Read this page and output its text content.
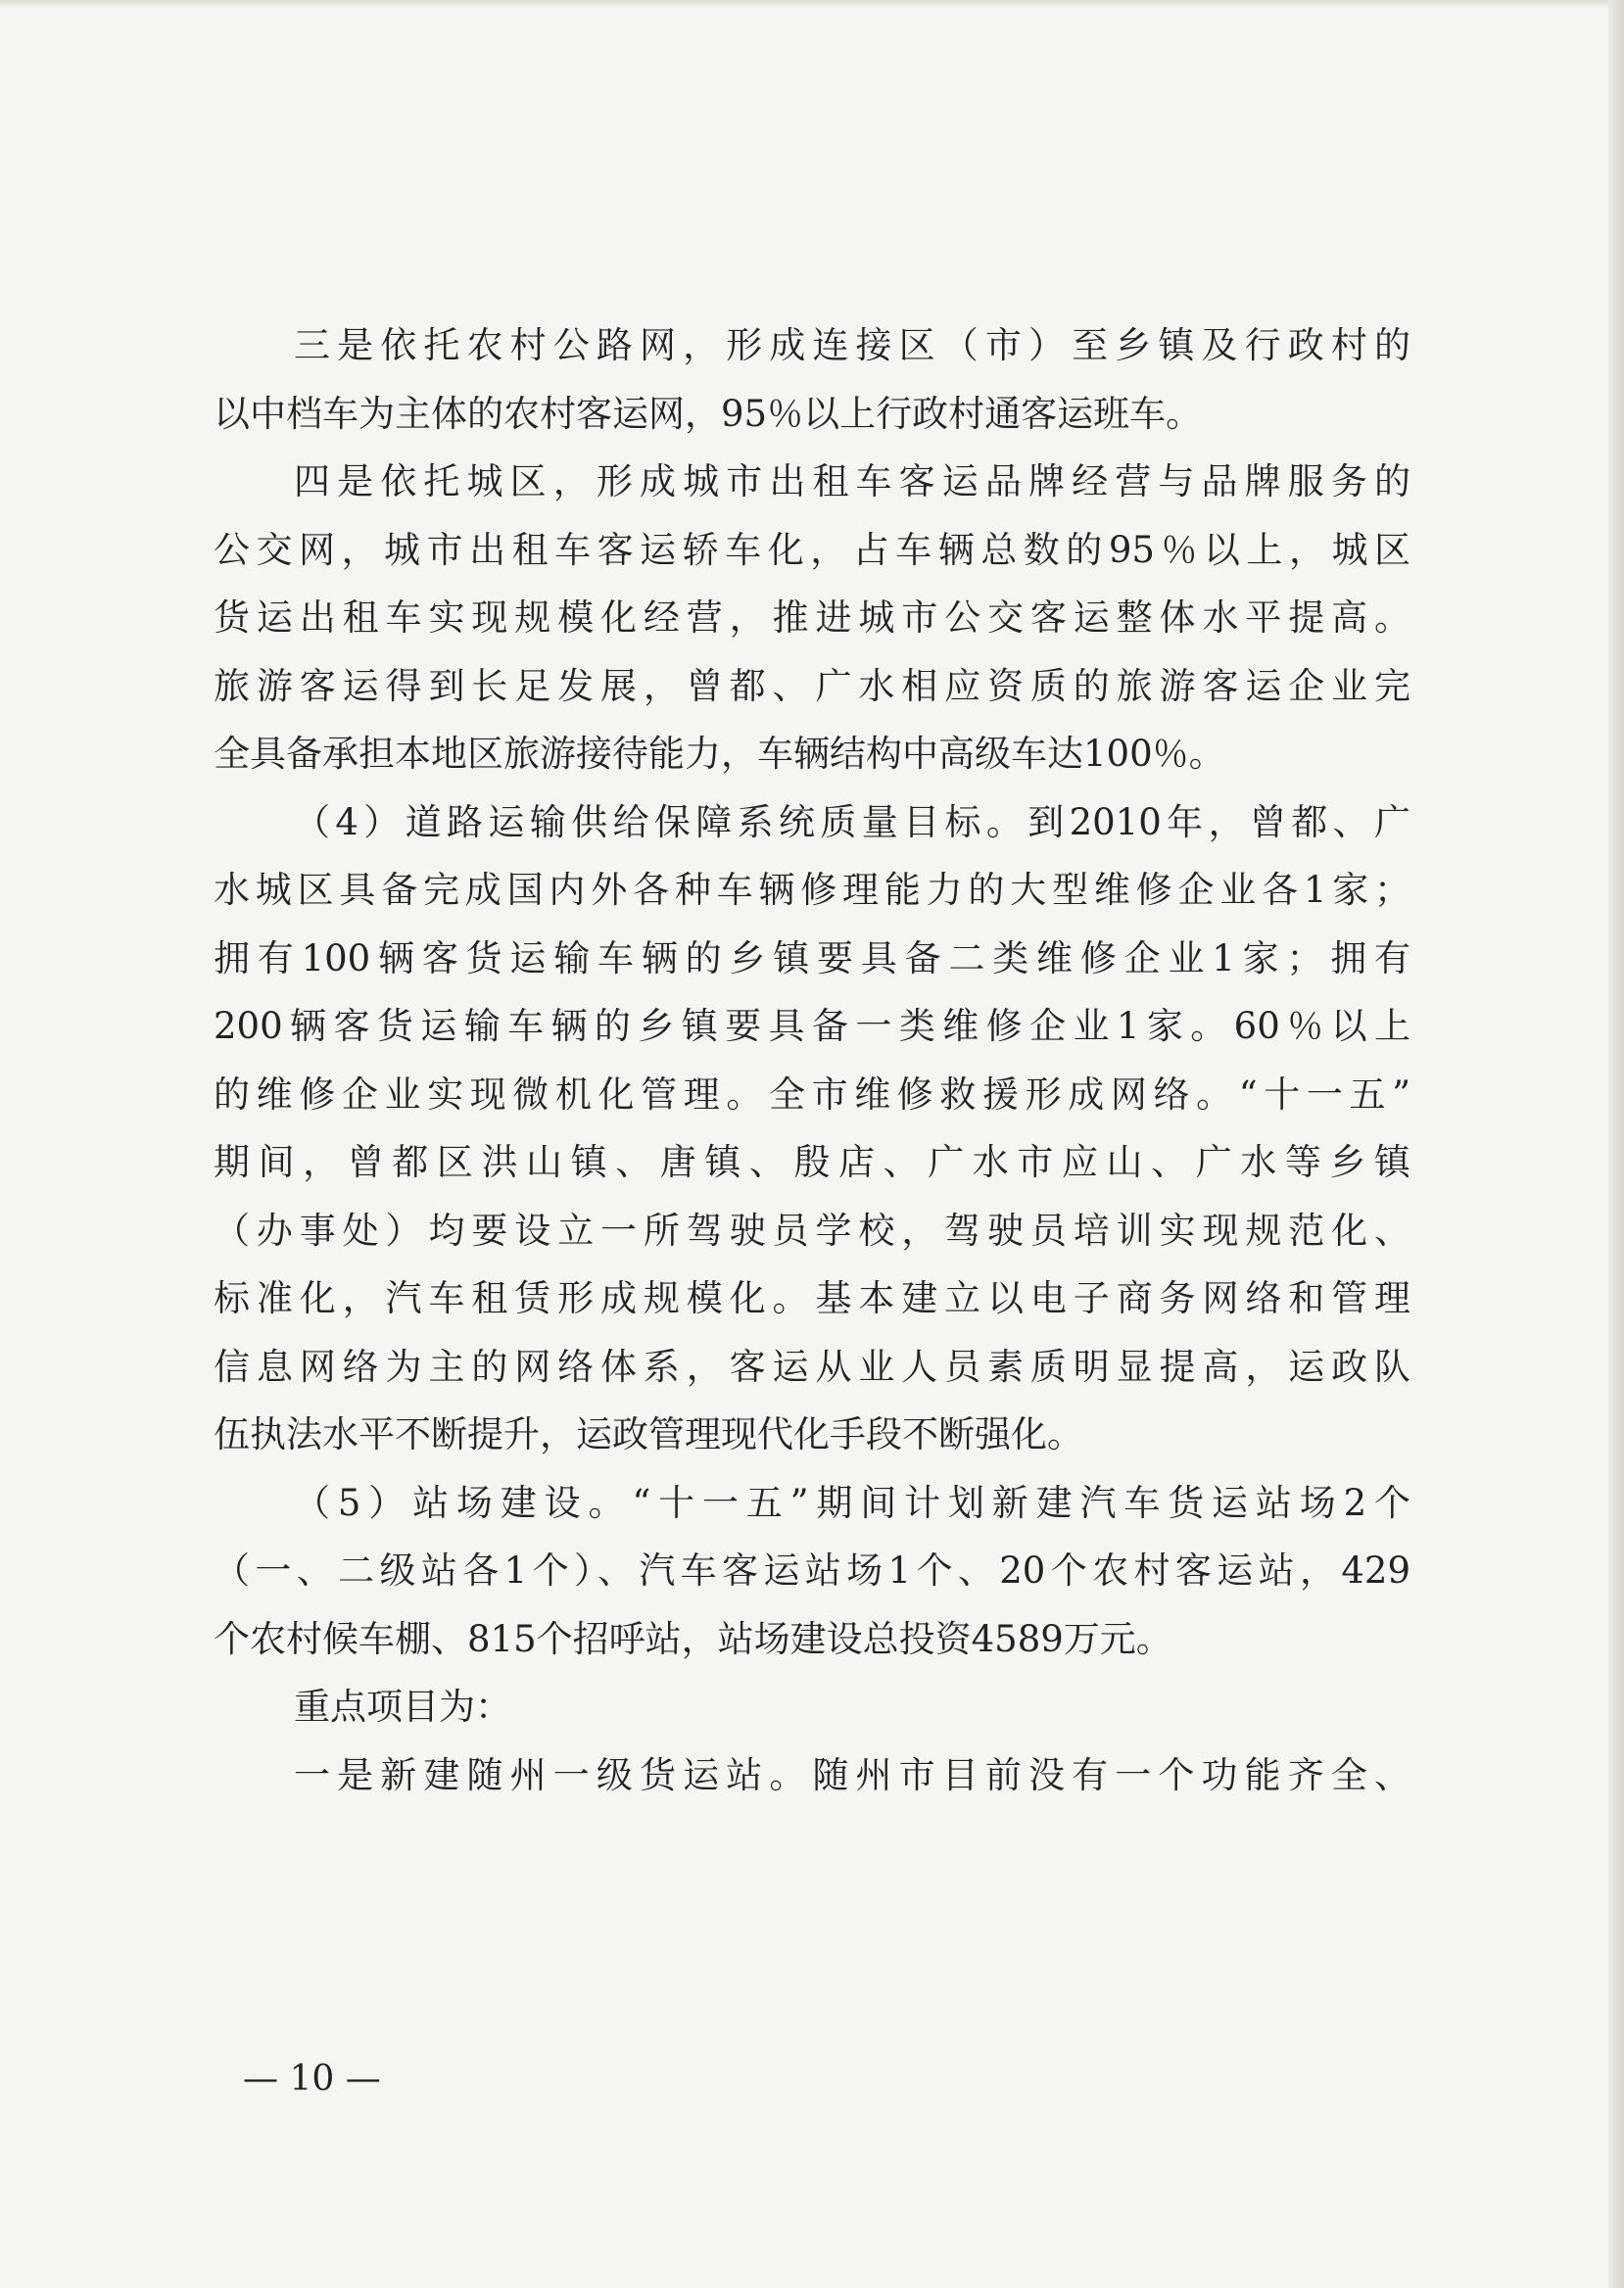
三是依托农村公路网，形成连接区（市）至乡镇及行政村的
以中档车为主体的农村客运网，95％以上行政村通客运班车。
四是依托城区，形成城市出租车客运品牌经营与品牌服务的
公交网，城市出租车客运轿车化，占车辆总数的95％以上，城区
货运出租车实现规模化经营，推进城市公交客运整体水平提高。
旅游客运得到长足发展，曾都、广水相应资质的旅游客运企业完
全具备承担本地区旅游接待能力，车辆结构中高级车达100％。
（4）道路运输供给保障系统质量目标。到2010年，曾都、广
水城区具备完成国内外各种车辆修理能力的大型维修企业各1家；
拥有100辆客货运输车辆的乡镇要具备二类维修企业1家；拥有
200辆客货运输车辆的乡镇要具备一类维修企业1家。60％以上
的维修企业实现微机化管理。全市维修救援形成网络。“十一五”
期间，曾都区洪山镇、唐镇、殷店、广水市应山、广水等乡镇
（办事处）均要设立一所驾驶员学校，驾驶员培训实现规范化、
标准化，汽车租赁形成规模化。基本建立以电子商务网络和管理
信息网络为主的网络体系，客运从业人员素质明显提高，运政队
伍执法水平不断提升，运政管理现代化手段不断强化。
（5）站场建设。“十一五”期间计划新建汽车货运站场2个
（一、二级站各1个）、汽车客运站场1个、20个农村客运站，429
个农村候车棚、815个招呼站，站场建设总投资4589万元。
重点项目为：
一是新建随州一级货运站。随州市目前没有一个功能齐全、
— 10 —
